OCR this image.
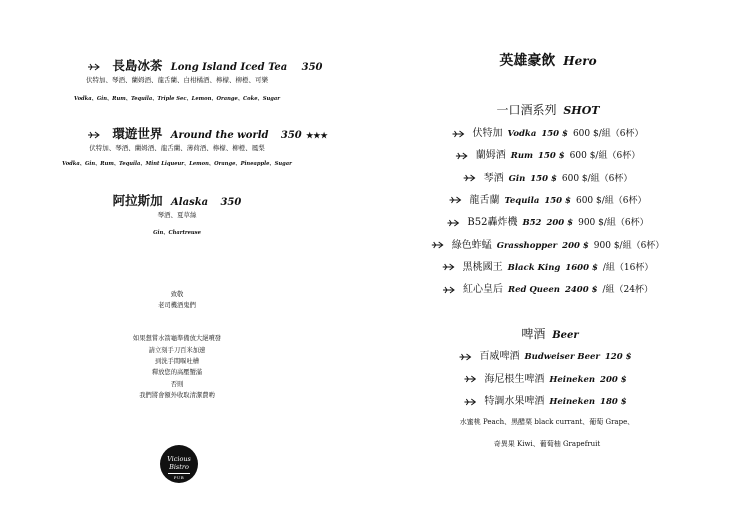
長島冰茶 Long Island Iced Tea 350
伏特加、琴酒、蘭姆酒、龍舌蘭、白柑橘酒、檸檬、柳橙、可樂
Vodka、Gin、Rum、Tequila、Triple Sec、Lemon、Orange、Coke、Sugar
環遊世界 Around the world 350 ★★★
伏特加、琴酒、蘭姆酒、龍舌蘭、薄荷酒、檸檬、柳橙、鳳梨
Vodka、Gin、Rum、Tequila、Mint Liqueur、Lemon、Orange、Pineapple、Sugar
阿拉斯加 Alaska 350
琴酒、夏草絲
Gin、Chartreuse
致敬
老司機酒鬼們
如果想嘗水箭龜準備放大絕噴發
請立刻手刀百米加速
到洗手間嘔吐槽
釋放您的高壓蟹滿
否則
我們將會額外收取清潔費哟
Vicious Bistro
PUB
英雄豪飲 Hero
一口酒系列 SHOT
伏特加 Vodka 150 $ 600 $/組（6杯）
蘭姆酒 Rum 150 $ 600 $/組（6杯）
琴酒 Gin 150 $ 600 $/組（6杯）
龍舌蘭 Tequila 150 $ 600 $/組（6杯）
B52轟炸機 B52 200 $ 900 $/組（6杯）
綠色蚱蜢 Grasshopper 200 $ 900 $/組（6杯）
黑桃國王 Black King 1600 $ /組（16杯）
紅心皇后 Red Queen 2400 $ /組（24杯）
啤酒 Beer
百威啤酒 Budweiser Beer 120 $
海尼根生啤酒 Heineken 200 $
特調水果啤酒 Heineken 180 $
水蜜桃 Peach、黑醋栗 black currant、葡萄 Grape、
奇異果 Kiwi、葡萄柚 Grapefruit
